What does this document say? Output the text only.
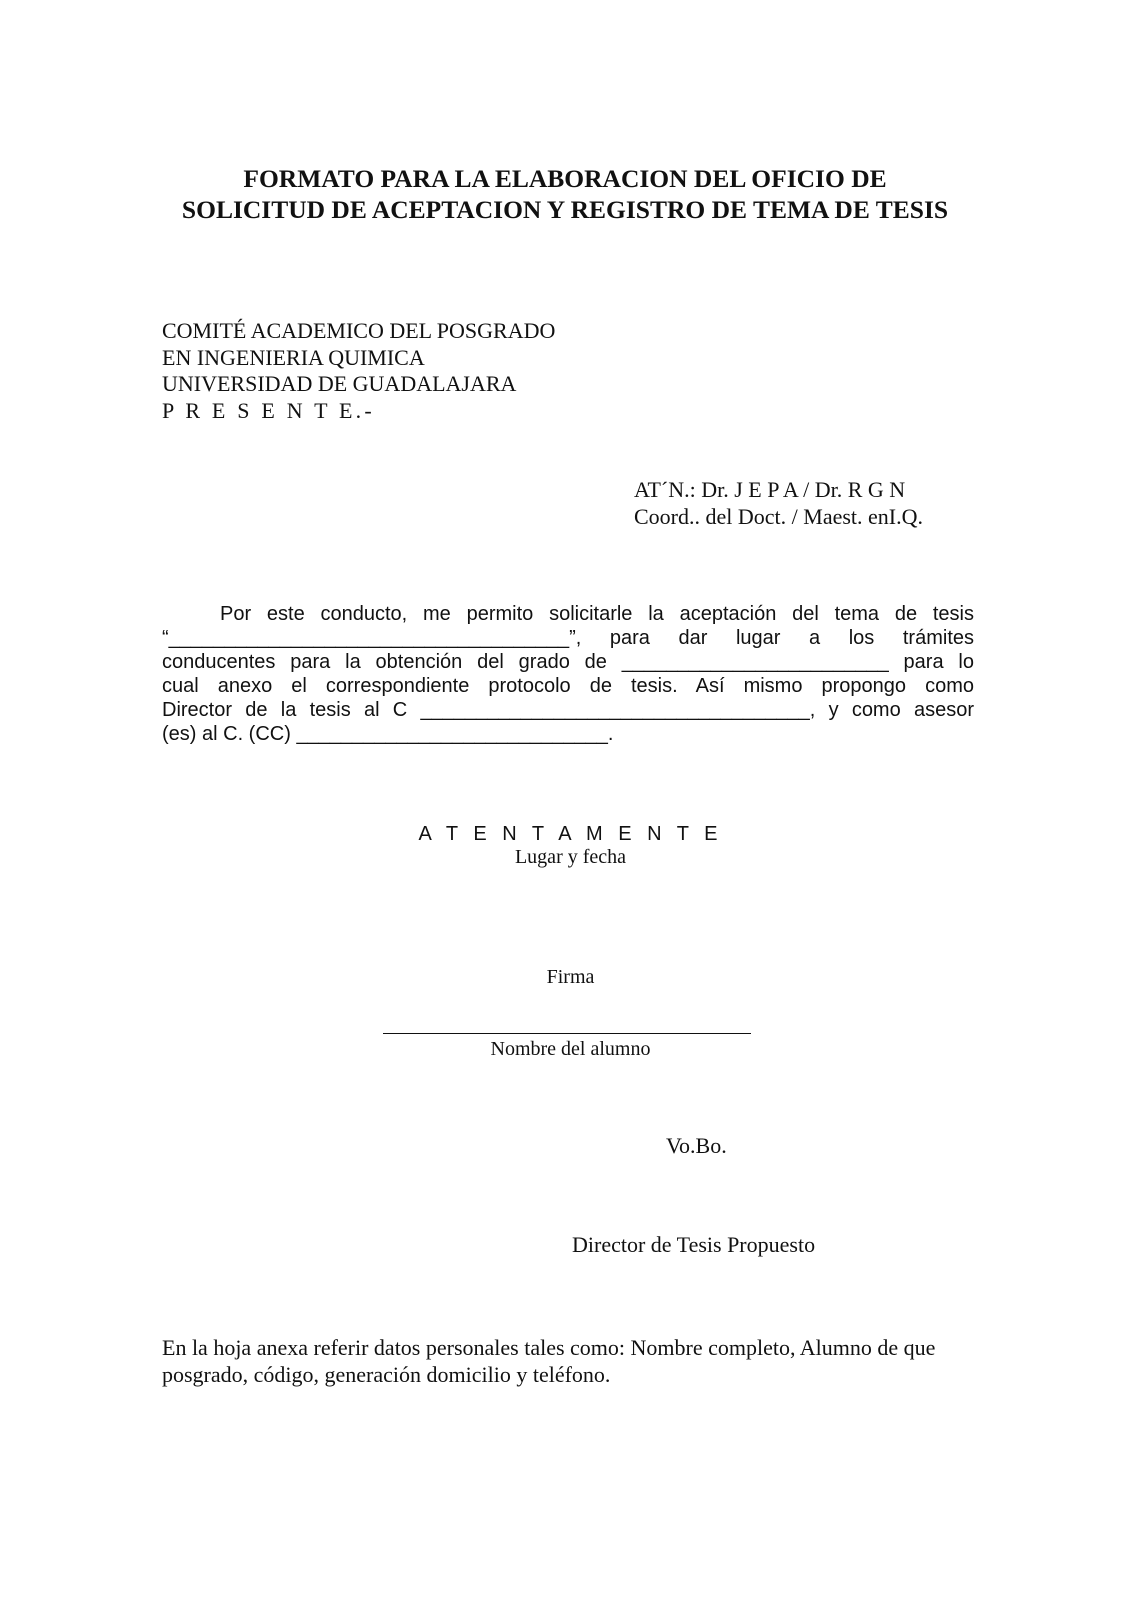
FORMATO PARA LA ELABORACION DEL OFICIO DE
SOLICITUD DE ACEPTACION Y REGISTRO DE TEMA DE TESIS
COMITÉ ACADEMICO DEL POSGRADO
EN INGENIERIA QUIMICA
UNIVERSIDAD DE GUADALAJARA
P R E S E N T E.-
AT´N.: Dr. J E P A / Dr. R G N
Coord.. del Doct. / Maest. enI.Q.
Por este conducto, me permito solicitarle la aceptación del tema de tesis
“____________________________________”, para dar lugar a los trámites
conducentes para la obtención del grado de ________________________ para lo
cual anexo el correspondiente protocolo de tesis. Así mismo propongo como
Director de la tesis al C ___________________________________, y como asesor
(es) al C. (CC) ____________________________.
A T E N T A M E N T E
Lugar y fecha
Firma
Nombre del alumno
Vo.Bo.
Director de Tesis Propuesto
En la hoja anexa referir datos personales tales como: Nombre completo, Alumno de que
posgrado, código, generación domicilio y teléfono.
